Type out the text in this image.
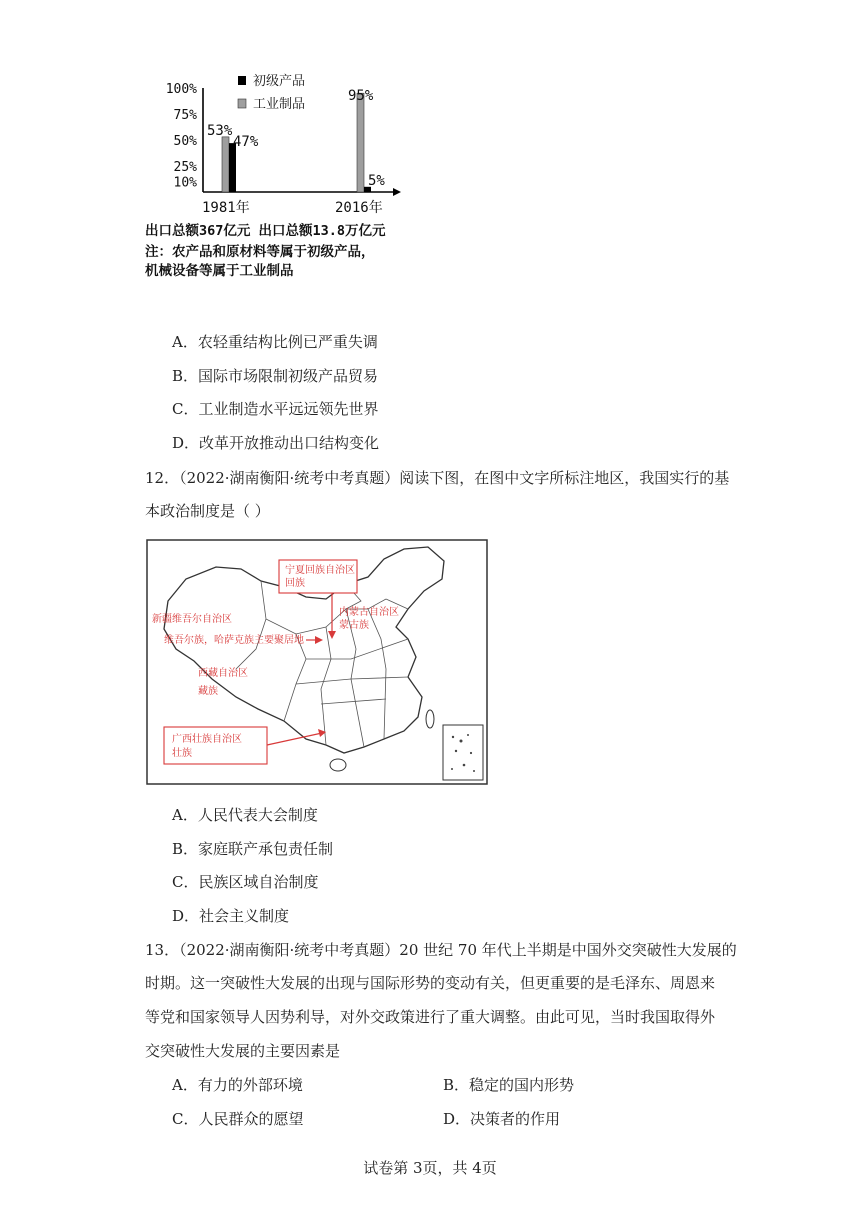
100%
75%
50%
25%
10%
53%
47%
95%
5%
初级产品
工业制品
1981年	2016年
出口总额367亿元 出口总额13.8万亿元
注：农产品和原材料等属于初级产品，
机械设备等属于工业制品
A．农轻重结构比例已严重失调
B．国际市场限制初级产品贸易
C．工业制造水平远远领先世界
D．改革开放推动出口结构变化
12．（2022·湖南衡阳·统考中考真题）阅读下图，在图中文字所标注地区，我国实行的基
本政治制度是（ ）
宁夏回族自治区
回族
内蒙古自治区
蒙古族
新疆维吾尔自治区
维吾尔族，哈萨克族主要聚居地
西藏自治区
藏族
广西壮族自治区
壮族
A．人民代表大会制度
B．家庭联产承包责任制
C．民族区域自治制度
D．社会主义制度
13．（2022·湖南衡阳·统考中考真题）20 世纪 70 年代上半期是中国外交突破性大发展的
时期。这一突破性大发展的出现与国际形势的变动有关，但更重要的是毛泽东、周恩来
等党和国家领导人因势利导，对外交政策进行了重大调整。由此可见，当时我国取得外
交突破性大发展的主要因素是
A．有力的外部环境	B．稳定的国内形势
C．人民群众的愿望	D．决策者的作用
试卷第 3页，共 4页
